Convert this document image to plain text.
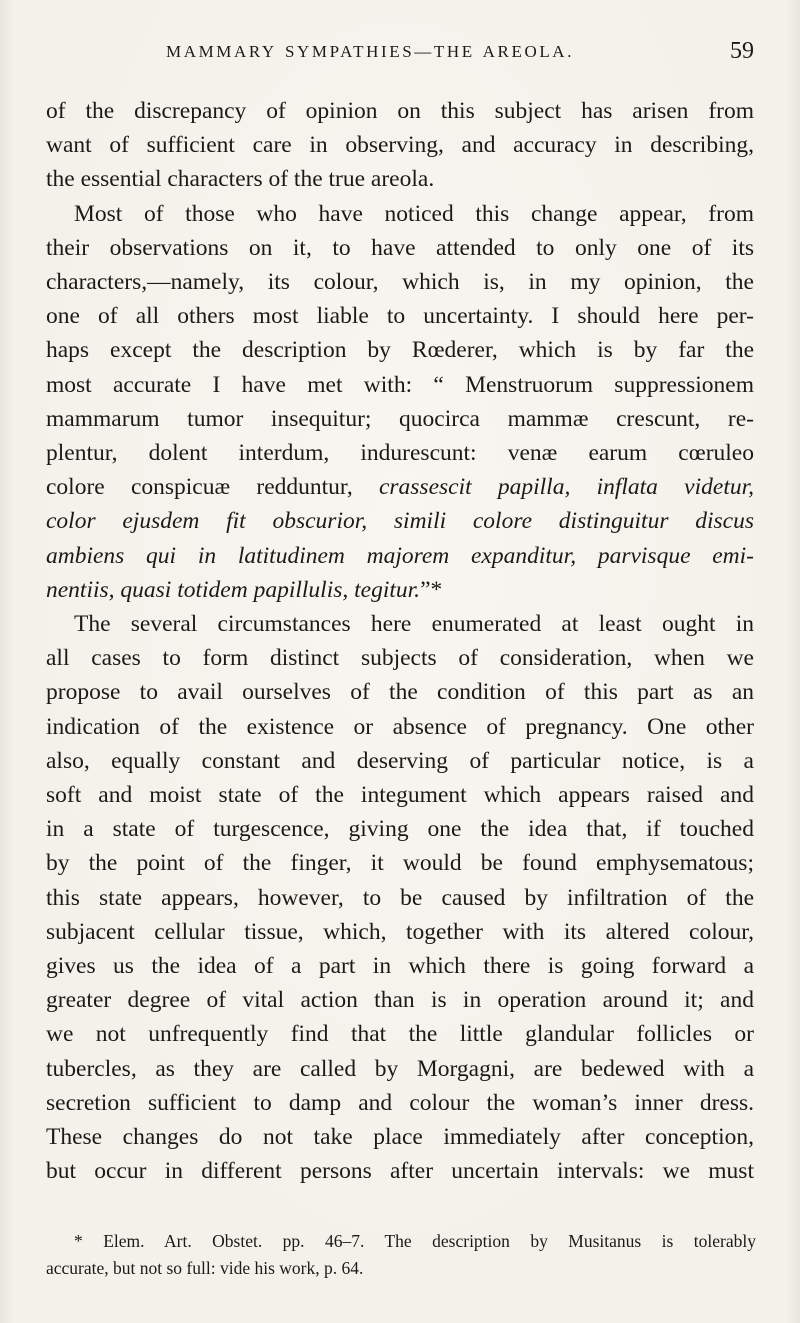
MAMMARY SYMPATHIES—THE AREOLA.	59

of the discrepancy of opinion on this subject has arisen from

want of sufficient care in observing, and accuracy in describing,

the essential characters of the true areola.

Most of those who have noticed this change appear, from

their observations on it, to have attended to only one of its

characters,—namely, its colour, which is, in my opinion, the

one of all others most liable to uncertainty. I should here per-

haps except the description by Rœderer, which is by far the

most accurate I have met with: “ Menstruorum suppressionem

mammarum tumor insequitur; quocirca mammæ crescunt, re-

plentur, dolent interdum, indurescunt: venæ earum cœruleo

colore conspicuæ redduntur, crassescit papilla, inflata videtur,

color ejusdem fit obscurior, simili colore distinguitur discus

ambiens qui in latitudinem majorem expanditur, parvisque emi-

nentiis, quasi totidem papillulis, tegitur.”*

The several circumstances here enumerated at least ought in

all cases to form distinct subjects of consideration, when we

propose to avail ourselves of the condition of this part as an

indication of the existence or absence of pregnancy. One other

also, equally constant and deserving of particular notice, is a

soft and moist state of the integument which appears raised and

in a state of turgescence, giving one the idea that, if touched

by the point of the finger, it would be found emphysematous;

this state appears, however, to be caused by infiltration of the

subjacent cellular tissue, which, together with its altered colour,

gives us the idea of a part in which there is going forward a

greater degree of vital action than is in operation around it; and

we not unfrequently find that the little glandular follicles or

tubercles, as they are called by Morgagni, are bedewed with a

secretion sufficient to damp and colour the woman’s inner dress.

These changes do not take place immediately after conception,

but occur in different persons after uncertain intervals: we must

* Elem. Art. Obstet. pp. 46–7. The description by Musitanus is tolerably

accurate, but not so full: vide his work, p. 64.
